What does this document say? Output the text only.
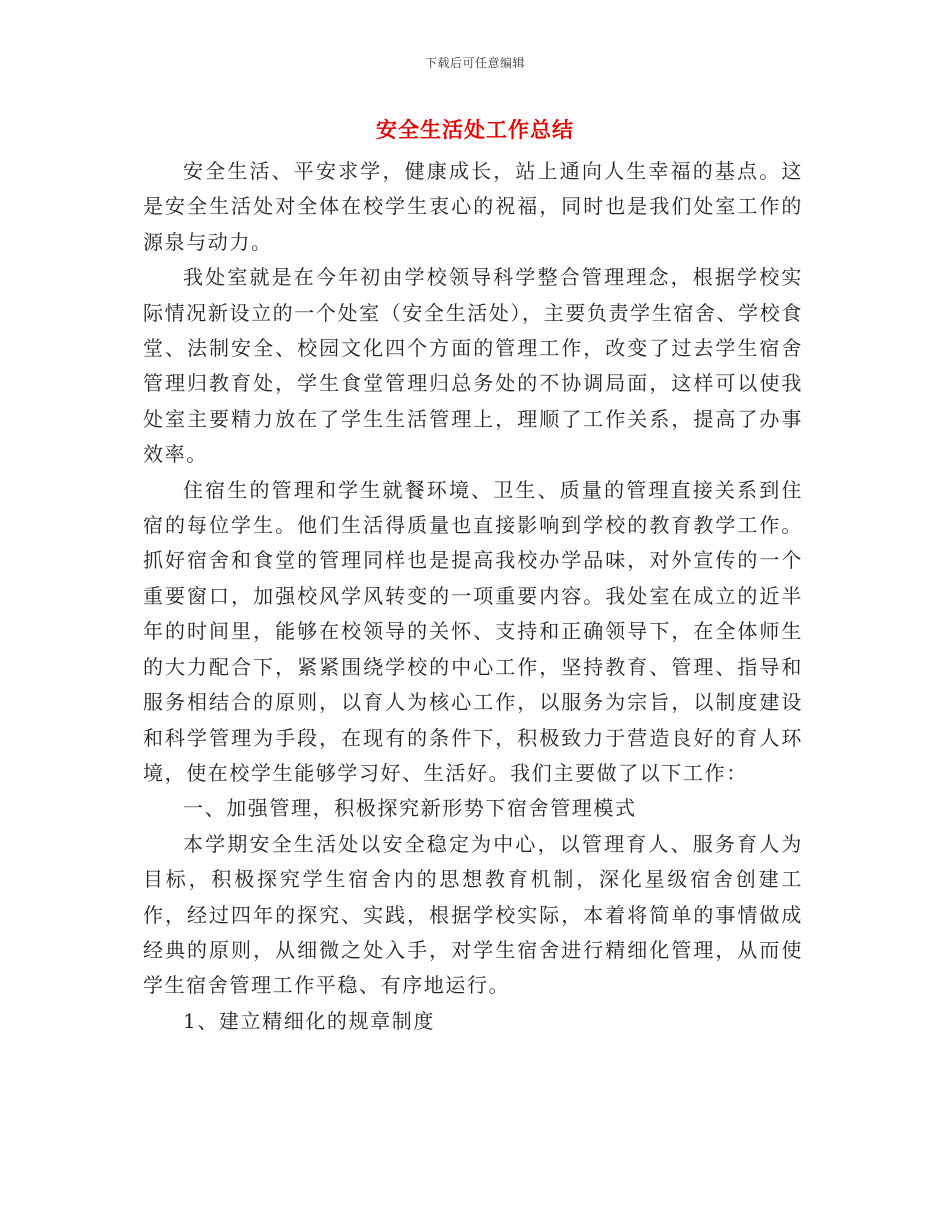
下载后可任意编辑
安全生活处工作总结

安全生活、平安求学，健康成长，站上通向人生幸福的基点。这是安全生活处对全体在校学生衷心的祝福，同时也是我们处室工作的源泉与动力。

我处室就是在今年初由学校领导科学整合管理理念，根据学校实际情况新设立的一个处室（安全生活处），主要负责学生宿舍、学校食堂、法制安全、校园文化四个方面的管理工作，改变了过去学生宿舍管理归教育处，学生食堂管理归总务处的不协调局面，这样可以使我处室主要精力放在了学生生活管理上，理顺了工作关系，提高了办事效率。

住宿生的管理和学生就餐环境、卫生、质量的管理直接关系到住宿的每位学生。他们生活得质量也直接影响到学校的教育教学工作。抓好宿舍和食堂的管理同样也是提高我校办学品味，对外宣传的一个重要窗口，加强校风学风转变的一项重要内容。我处室在成立的近半年的时间里，能够在校领导的关怀、支持和正确领导下，在全体师生的大力配合下，紧紧围绕学校的中心工作，坚持教育、管理、指导和服务相结合的原则，以育人为核心工作，以服务为宗旨，以制度建设和科学管理为手段，在现有的条件下，积极致力于营造良好的育人环境，使在校学生能够学习好、生活好。我们主要做了以下工作：

一、加强管理，积极探究新形势下宿舍管理模式

本学期安全生活处以安全稳定为中心，以管理育人、服务育人为目标，积极探究学生宿舍内的思想教育机制，深化星级宿舍创建工作，经过四年的探究、实践，根据学校实际，本着将简单的事情做成经典的原则，从细微之处入手，对学生宿舍进行精细化管理，从而使学生宿舍管理工作平稳、有序地运行。

1、建立精细化的规章制度
